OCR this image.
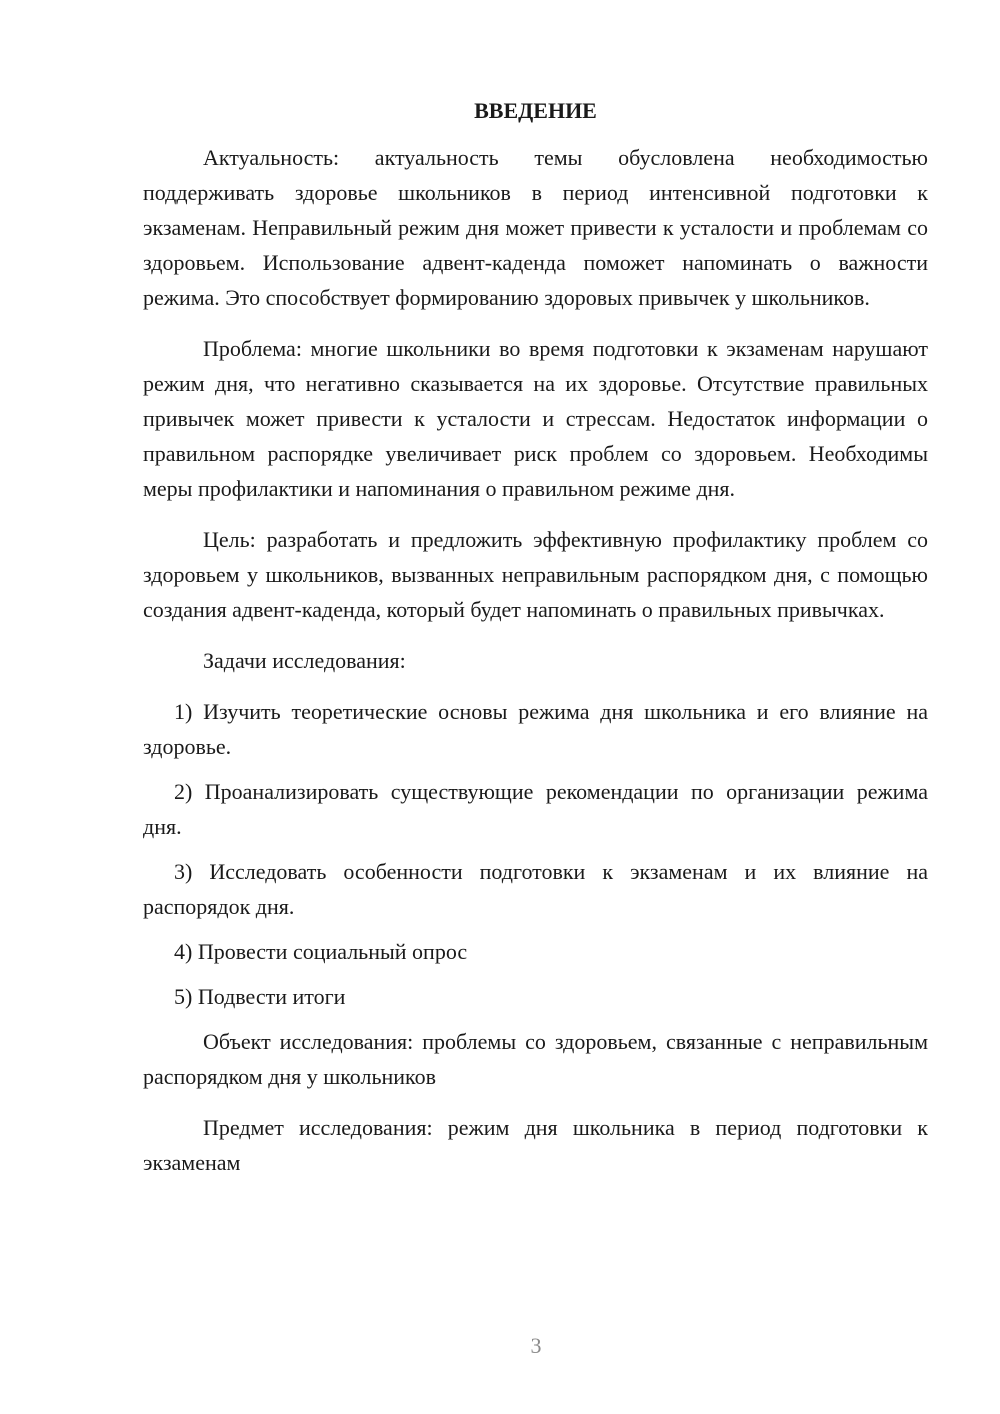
ВВЕДЕНИЕ

Актуальность: актуальность темы обусловлена необходимостью поддерживать здоровье школьников в период интенсивной подготовки к экзаменам. Неправильный режим дня может привести к усталости и проблемам со здоровьем. Использование адвент-каденда поможет напоминать о важности режима. Это способствует формированию здоровых привычек у школьников.

Проблема: многие школьники во время подготовки к экзаменам нарушают режим дня, что негативно сказывается на их здоровье. Отсутствие правильных привычек может привести к усталости и стрессам. Недостаток информации о правильном распорядке увеличивает риск проблем со здоровьем. Необходимы меры профилактики и напоминания о правильном режиме дня.

Цель: разработать и предложить эффективную профилактику проблем со здоровьем у школьников, вызванных неправильным распорядком дня, с помощью создания адвент-каденда, который будет напоминать о правильных привычках.

Задачи исследования:

1) Изучить теоретические основы режима дня школьника и его влияние на здоровье.

2) Проанализировать существующие рекомендации по организации режима дня.

3) Исследовать особенности подготовки к экзаменам и их влияние на распорядок дня.

4) Провести социальный опрос

5) Подвести итоги

Объект исследования: проблемы со здоровьем, связанные с неправильным распорядком дня у школьников

Предмет исследования: режим дня школьника в период подготовки к экзаменам

3
